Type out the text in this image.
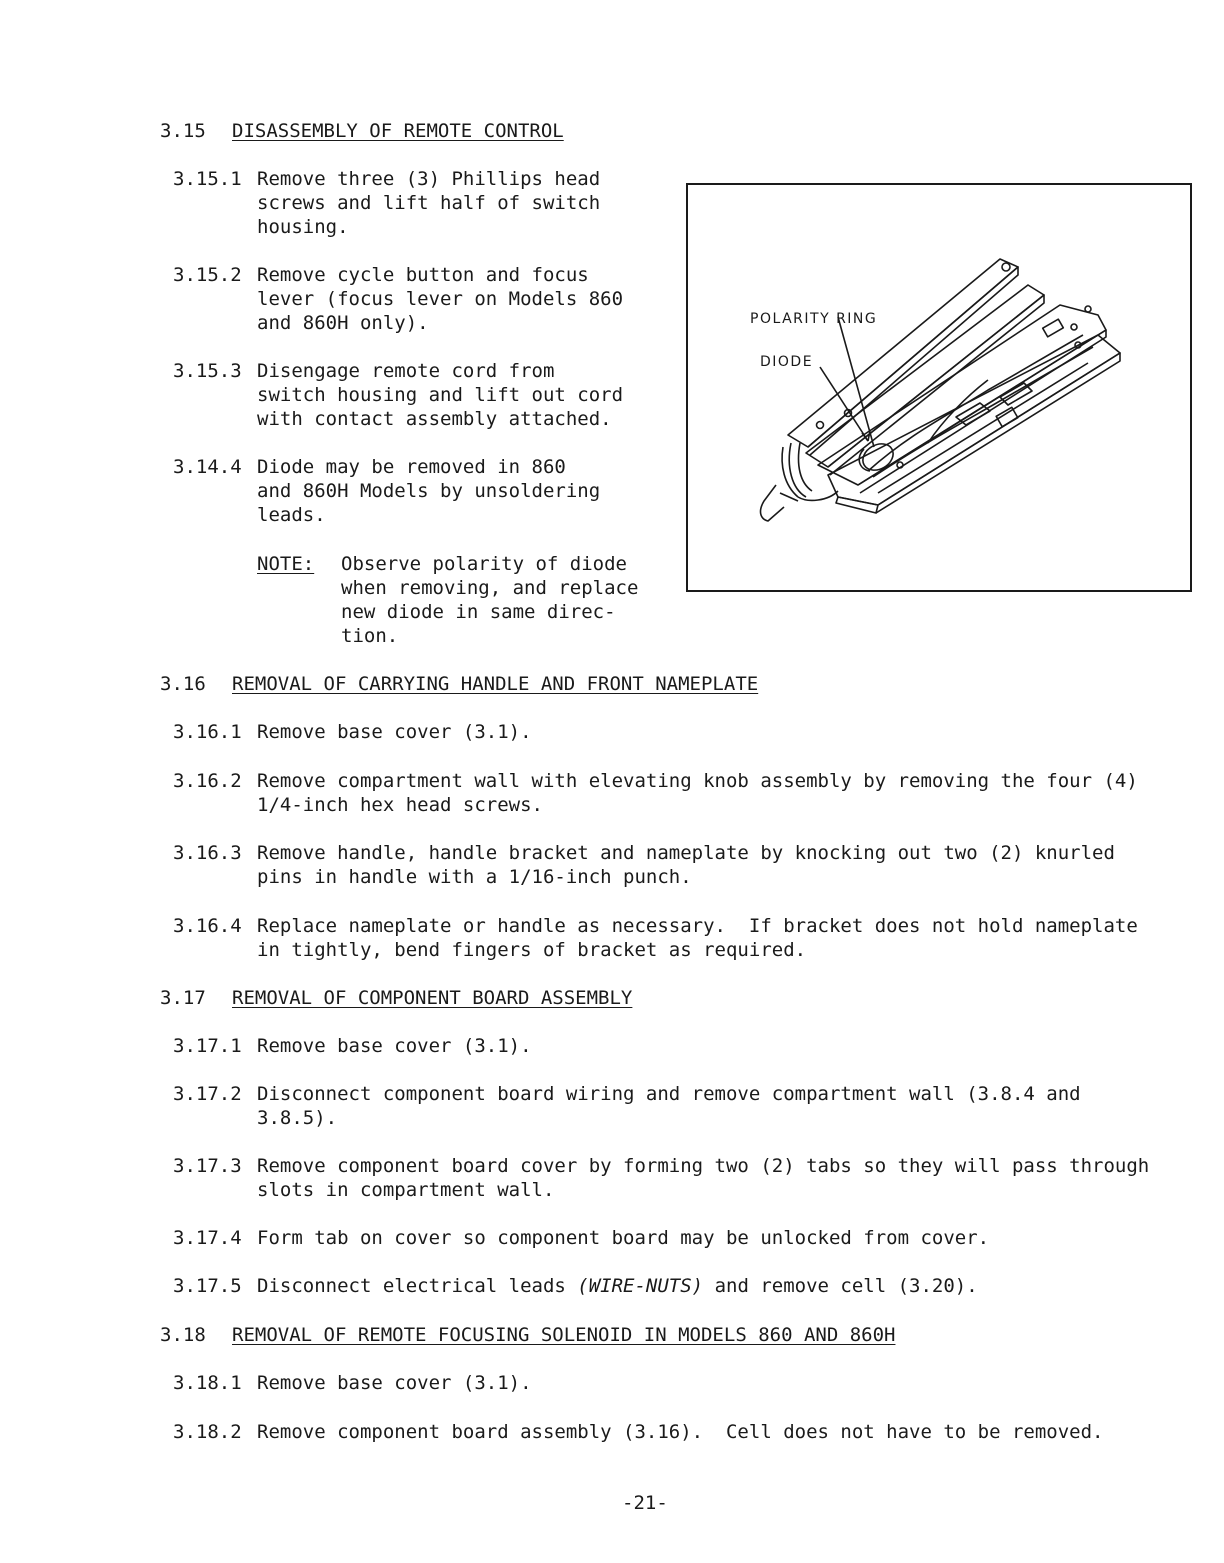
3.15 DISASSEMBLY OF REMOTE CONTROL
3.15.1 Remove three (3) Phillips head
screws and lift half of switch
housing.
3.15.2 Remove cycle button and focus
lever (focus lever on Models 860
and 860H only).
3.15.3 Disengage remote cord from
switch housing and lift out cord
with contact assembly attached.
3.14.4 Diode may be removed in 860
and 860H Models by unsoldering
leads.
NOTE: Observe polarity of diode
when removing, and replace
new diode in same direc-
tion.
POLARITY RING
DIODE
3.16 REMOVAL OF CARRYING HANDLE AND FRONT NAMEPLATE
3.16.1 Remove base cover (3.1).
3.16.2 Remove compartment wall with elevating knob assembly by removing the four (4)
1/4-inch hex head screws.
3.16.3 Remove handle, handle bracket and nameplate by knocking out two (2) knurled
pins in handle with a 1/16-inch punch.
3.16.4 Replace nameplate or handle as necessary.  If bracket does not hold nameplate
in tightly, bend fingers of bracket as required.
3.17 REMOVAL OF COMPONENT BOARD ASSEMBLY
3.17.1 Remove base cover (3.1).
3.17.2 Disconnect component board wiring and remove compartment wall (3.8.4 and
3.8.5).
3.17.3 Remove component board cover by forming two (2) tabs so they will pass through
slots in compartment wall.
3.17.4 Form tab on cover so component board may be unlocked from cover.
3.17.5 Disconnect electrical leads (WIRE-NUTS) and remove cell (3.20).
3.18 REMOVAL OF REMOTE FOCUSING SOLENOID IN MODELS 860 AND 860H
3.18.1 Remove base cover (3.1).
3.18.2 Remove component board assembly (3.16).  Cell does not have to be removed.
-21-
